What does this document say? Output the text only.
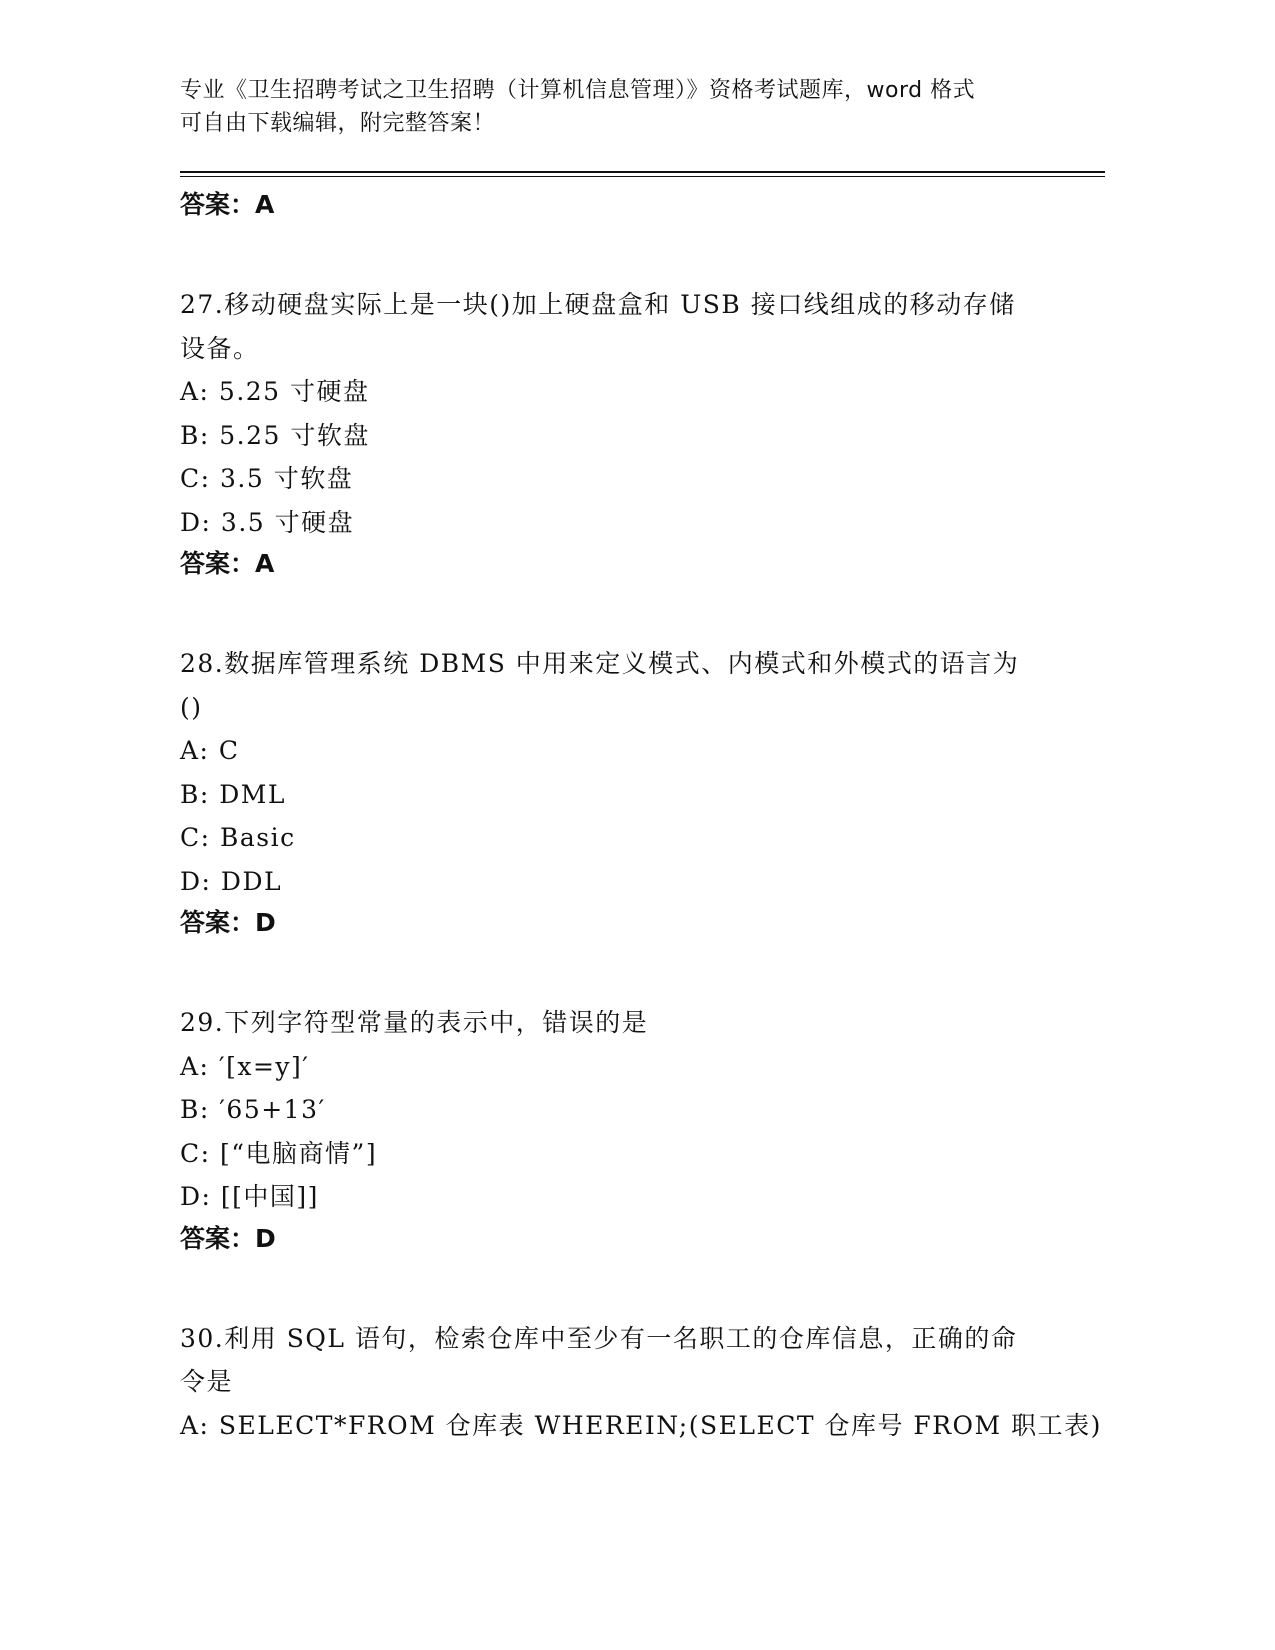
专业《卫生招聘考试之卫生招聘（计算机信息管理）》资格考试题库，word 格式
可自由下载编辑，附完整答案！

答案：A

27.移动硬盘实际上是一块()加上硬盘盒和 USB 接口线组成的移动存储

设备。

A: 5.25 寸硬盘

B: 5.25 寸软盘

C: 3.5 寸软盘

D: 3.5 寸硬盘

答案：A

28.数据库管理系统 DBMS 中用来定义模式、内模式和外模式的语言为

()

A: C

B: DML

C: Basic

D: DDL

答案：D

29.下列字符型常量的表示中，错误的是

A: ′[x=y]′

B: ′65+13′

C: [“电脑商情”]

D: [[中国]]

答案：D

30.利用 SQL 语句，检索仓库中至少有一名职工的仓库信息，正确的命

令是

A: SELECT*FROM 仓库表 WHEREIN;(SELECT 仓库号 FROM 职工表)
